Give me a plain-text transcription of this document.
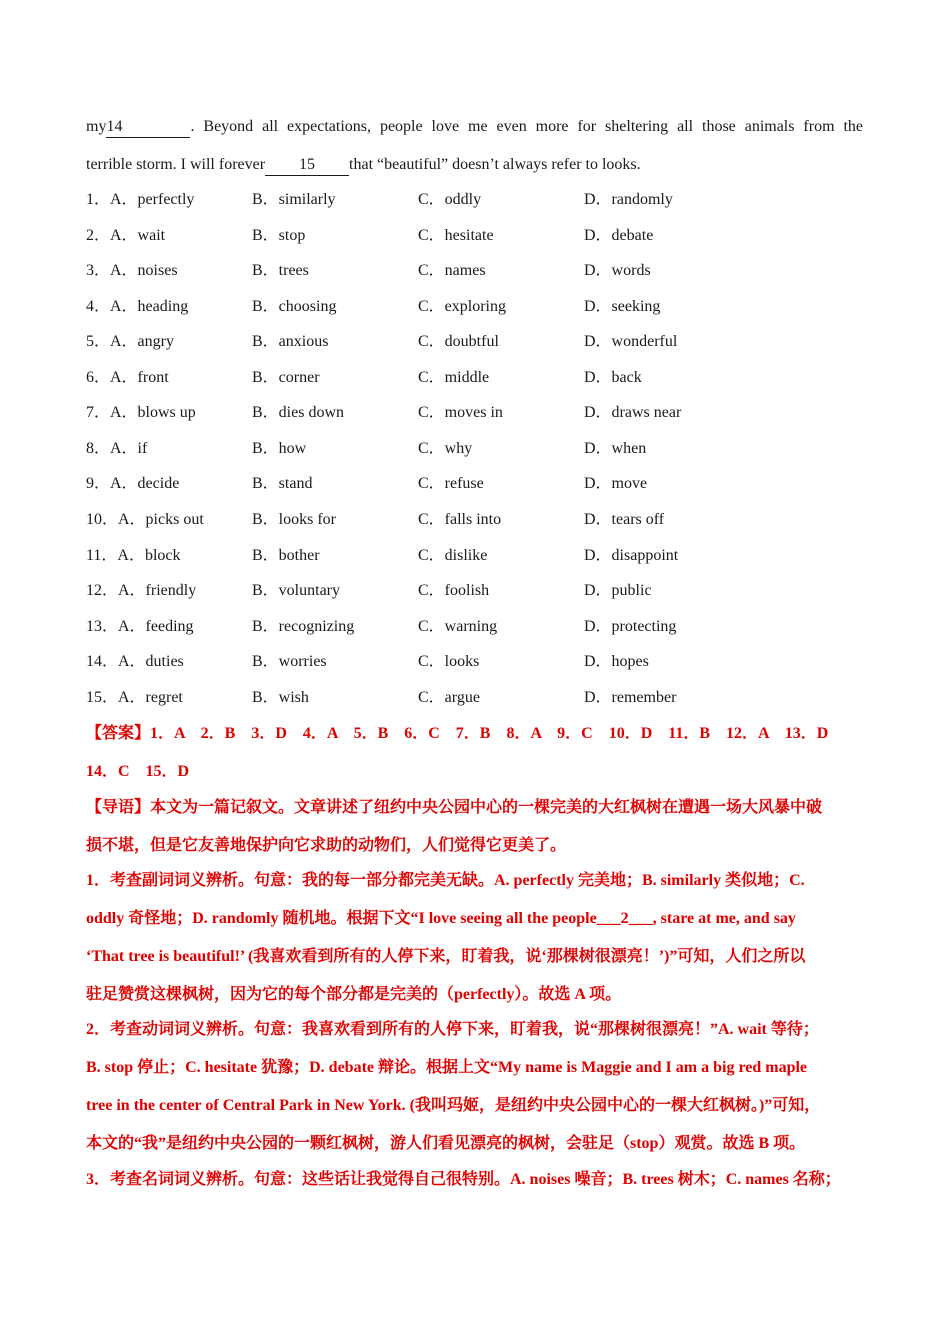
my14	. Beyond all expectations, people love me even more for sheltering all those animals from the
terrible storm. I will forever 15 that “beautiful” doesn’t always refer to looks.
1．A．perfectly	B．similarly	C．oddly	D．randomly
2．A．wait	B．stop	C．hesitate	D．debate
3．A．noises	B．trees	C．names	D．words
4．A．heading	B．choosing	C．exploring	D．seeking
5．A．angry	B．anxious	C．doubtful	D．wonderful
6．A．front	B．corner	C．middle	D．back
7．A．blows up	B．dies down	C．moves in	D．draws near
8．A．if	B．how	C．why	D．when
9．A．decide	B．stand	C．refuse	D．move
10．A．picks out	B．looks for	C．falls into	D．tears off
11．A．block	B．bother	C．dislike	D．disappoint
12．A．friendly	B．voluntary	C．foolish	D．public
13．A．feeding	B．recognizing	C．warning	D．protecting
14．A．duties	B．worries	C．looks	D．hopes
15．A．regret	B．wish	C．argue	D．remember
【答案】1．A　2．B　3．D　4．A　5．B　6．C　7．B　8．A　9．C　10．D　11．B　12．A　13．D
14．C　15．D
【导语】本文为一篇记叙文。文章讲述了纽约中央公园中心的一棵完美的大红枫树在遭遇一场大风暴中破
损不堪，但是它友善地保护向它求助的动物们，人们觉得它更美了。
1．考查副词词义辨析。句意：我的每一部分都完美无缺。A. perfectly 完美地；B. similarly 类似地；C.
oddly 奇怪地；D. randomly 随机地。根据下文“I love seeing all the people___2___, stare at me, and say
‘That tree is beautiful!’ (我喜欢看到所有的人停下来，盯着我，说‘那棵树很漂亮！’)”可知，人们之所以
驻足赞赏这棵枫树，因为它的每个部分都是完美的（perfectly）。故选 A 项。
2．考查动词词义辨析。句意：我喜欢看到所有的人停下来，盯着我，说“那棵树很漂亮！”A. wait 等待；
B. stop 停止；C. hesitate 犹豫；D. debate 辩论。根据上文“My name is Maggie and I am a big red maple
tree in the center of Central Park in New York. (我叫玛姬，是纽约中央公园中心的一棵大红枫树。)”可知，
本文的“我”是纽约中央公园的一颗红枫树，游人们看见漂亮的枫树，会驻足（stop）观赏。故选 B 项。
3．考查名词词义辨析。句意：这些话让我觉得自己很特别。A. noises 噪音；B. trees 树木；C. names 名称；
